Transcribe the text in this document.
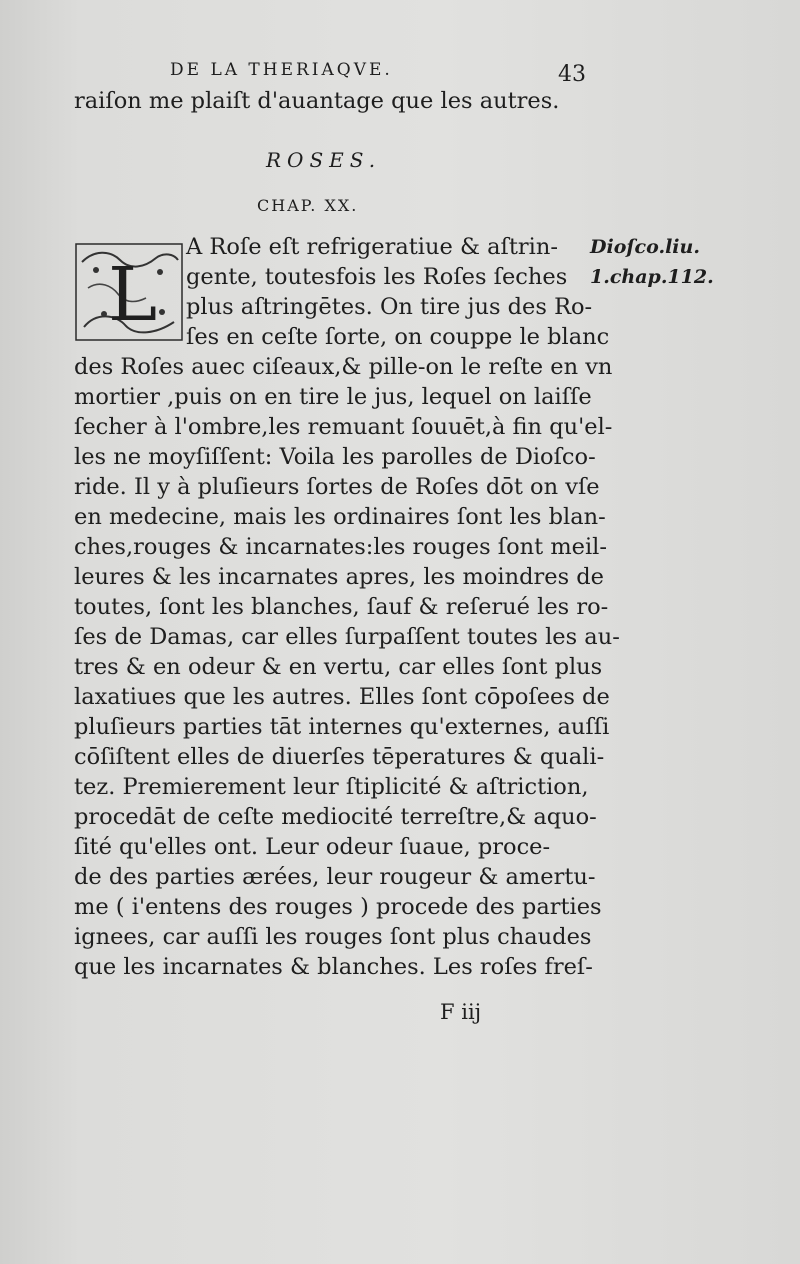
DE LA THERIAQVE.	43
raiſon me plaiſt d'auantage que les autres.
ROSES.
CHAP. XX.
L
A Roſe eſt refrigeratiue & aſtrin-
gente, toutesfois les Roſes ſeches
plus aſtringētes. On tire jus des Ro-
ſes en ceſte ſorte, on couppe le blanc
des Roſes auec ciſeaux,& pille-on le reſte en vn
mortier ,puis on en tire le jus, lequel on laiſſe
ſecher à l'ombre,les remuant ſouuēt,à fin qu'el-
les ne moyſiſſent: Voila les parolles de Dioſco-
ride. Il y à pluſieurs ſortes de Roſes dōt on vſe
en medecine, mais les ordinaires ſont les blan-
ches,rouges & incarnates:les rouges ſont meil-
leures & les incarnates apres, les moindres de
toutes, ſont les blanches, ſauf & reſerué les ro-
ſes de Damas, car elles ſurpaſſent toutes les au-
tres & en odeur & en vertu, car elles ſont plus
laxatiues que les autres. Elles ſont cōpoſees de
pluſieurs parties tāt internes qu'externes, auſſi
cōſiſtent elles de diuerſes tēperatures & quali-
tez. Premierement leur ſtiplicité & aſtriction,
procedāt de ceſte mediocité terreſtre,& aquo-
ſité qu'elles ont. Leur odeur ſuaue, proce-
de des parties ærées, leur rougeur & amertu-
me ( i'entens des rouges ) procede des parties
ignees, car auſſi les rouges ſont plus chaudes
que les incarnates & blanches. Les roſes freſ-
Dioſco.liu.
1.chap.112.
F iij
